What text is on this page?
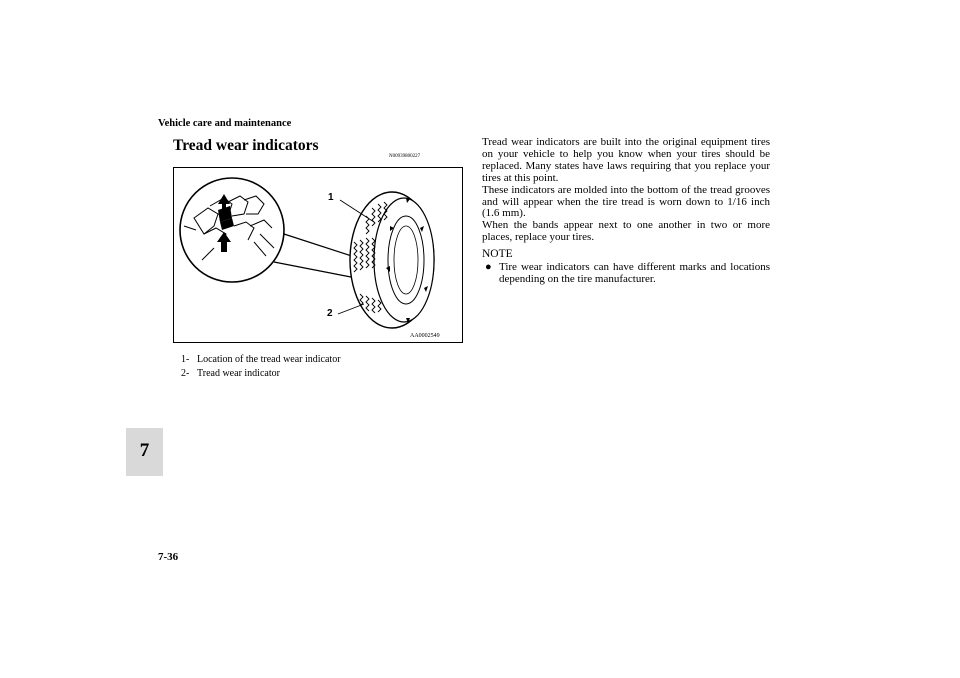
Vehicle care and maintenance
Tread wear indicators
N00939800227
1
2
AA0002549
1- Location of the tread wear indicator
2- Tread wear indicator

Tread wear indicators are built into the original equipment tires on your vehicle to help you know when your tires should be replaced. Many states have laws requiring that you replace your tires at this point.

These indicators are molded into the bottom of the tread grooves and will appear when the tire tread is worn down to 1/16 inch (1.6 mm).

When the bands appear next to one another in two or more places, replace your tires.

NOTE

● Tire wear indicators can have different marks and locations depending on the tire manufacturer.

7
7-36
